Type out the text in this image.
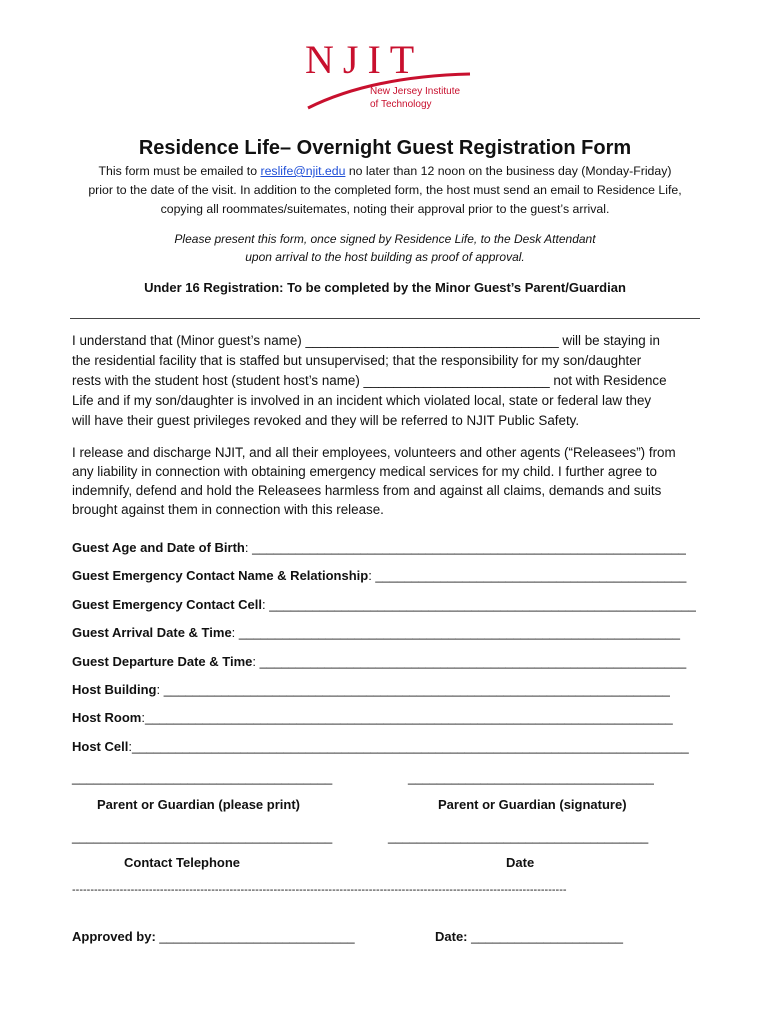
NJIT
New Jersey Institute
of Technology
Residence Life– Overnight Guest Registration Form
This form must be emailed to reslife@njit.edu no later than 12 noon on the business day (Monday-Friday)
prior to the date of the visit. In addition to the completed form, the host must send an email to Residence Life,
copying all roommates/suitemates, noting their approval prior to the guest’s arrival.
Please present this form, once signed by Residence Life, to the Desk Attendant
upon arrival to the host building as proof of approval.
Under 16 Registration: To be completed by the Minor Guest’s Parent/Guardian
I understand that (Minor guest’s name) __________________________________ will be staying in
the residential facility that is staffed but unsupervised; that the responsibility for my son/daughter
rests with the student host (student host’s name) _________________________ not with Residence
Life and if my son/daughter is involved in an incident which violated local, state or federal law they
will have their guest privileges revoked and they will be referred to NJIT Public Safety.
I release and discharge NJIT, and all their employees, volunteers and other agents (“Releasees”) from
any liability in connection with obtaining emergency medical services for my child. I further agree to
indemnify, defend and hold the Releasees harmless from and against all claims, demands and suits
brought against them in connection with this release.
Guest Age and Date of Birth: ____________________________________________________________
Guest Emergency Contact Name & Relationship: ___________________________________________
Guest Emergency Contact Cell: ___________________________________________________________
Guest Arrival Date & Time: _____________________________________________________________
Guest Departure Date & Time: ___________________________________________________________
Host Building: ______________________________________________________________________
Host Room:_________________________________________________________________________
Host Cell:_____________________________________________________________________________
____________________________________	__________________________________
Parent or Guardian (please print)	Parent or Guardian (signature)
____________________________________	____________________________________
Contact Telephone	Date
---------------------------------------------------------------------------------------------------------------------------------------
Approved by: ___________________________	Date: _____________________
